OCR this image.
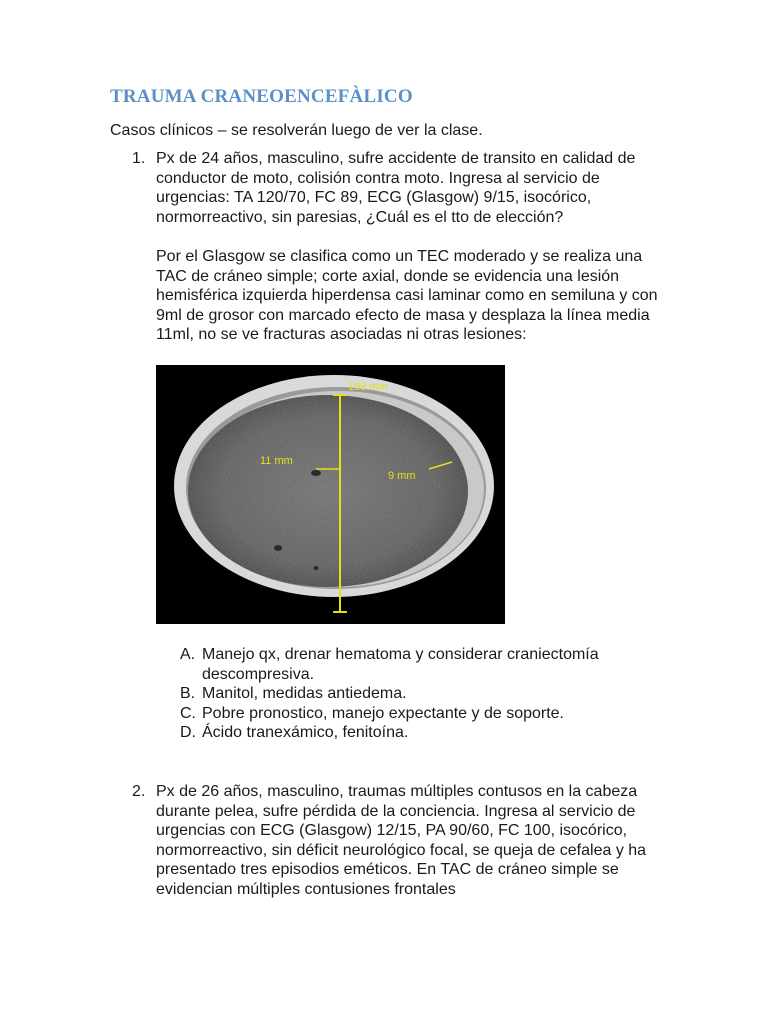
TRAUMA CRANEOENCEFÀLICO
Casos clínicos – se resolverán luego de ver la clase.
1. Px de 24 años, masculino, sufre accidente de transito en calidad de conductor de moto, colisión contra moto. Ingresa al servicio de urgencias: TA 120/70, FC 89, ECG (Glasgow) 9/15, isocórico, normorreactivo, sin paresias, ¿Cuál es el tto de elección?

Por el Glasgow se clasifica como un TEC moderado y se realiza una TAC de cráneo simple; corte axial, donde se evidencia una lesión hemisférica izquierda hiperdensa casi laminar como en semiluna y con 9ml de grosor con marcado efecto de masa y desplaza la línea media 11ml, no se ve fracturas asociadas ni otras lesiones:

169 mm
11 mm
9 mm
A. Manejo qx, drenar hematoma y considerar craniectomía descompresiva.
B. Manitol, medidas antiedema.
C. Pobre pronostico, manejo expectante y de soporte.
D. Ácido tranexámico, fenitoína.
2. Px de 26 años, masculino, traumas múltiples contusos en la cabeza durante pelea, sufre pérdida de la conciencia. Ingresa al servicio de urgencias con ECG (Glasgow) 12/15, PA 90/60, FC 100, isocórico, normorreactivo, sin déficit neurológico focal, se queja de cefalea y ha presentado tres episodios eméticos. En TAC de cráneo simple se evidencian múltiples contusiones frontales
